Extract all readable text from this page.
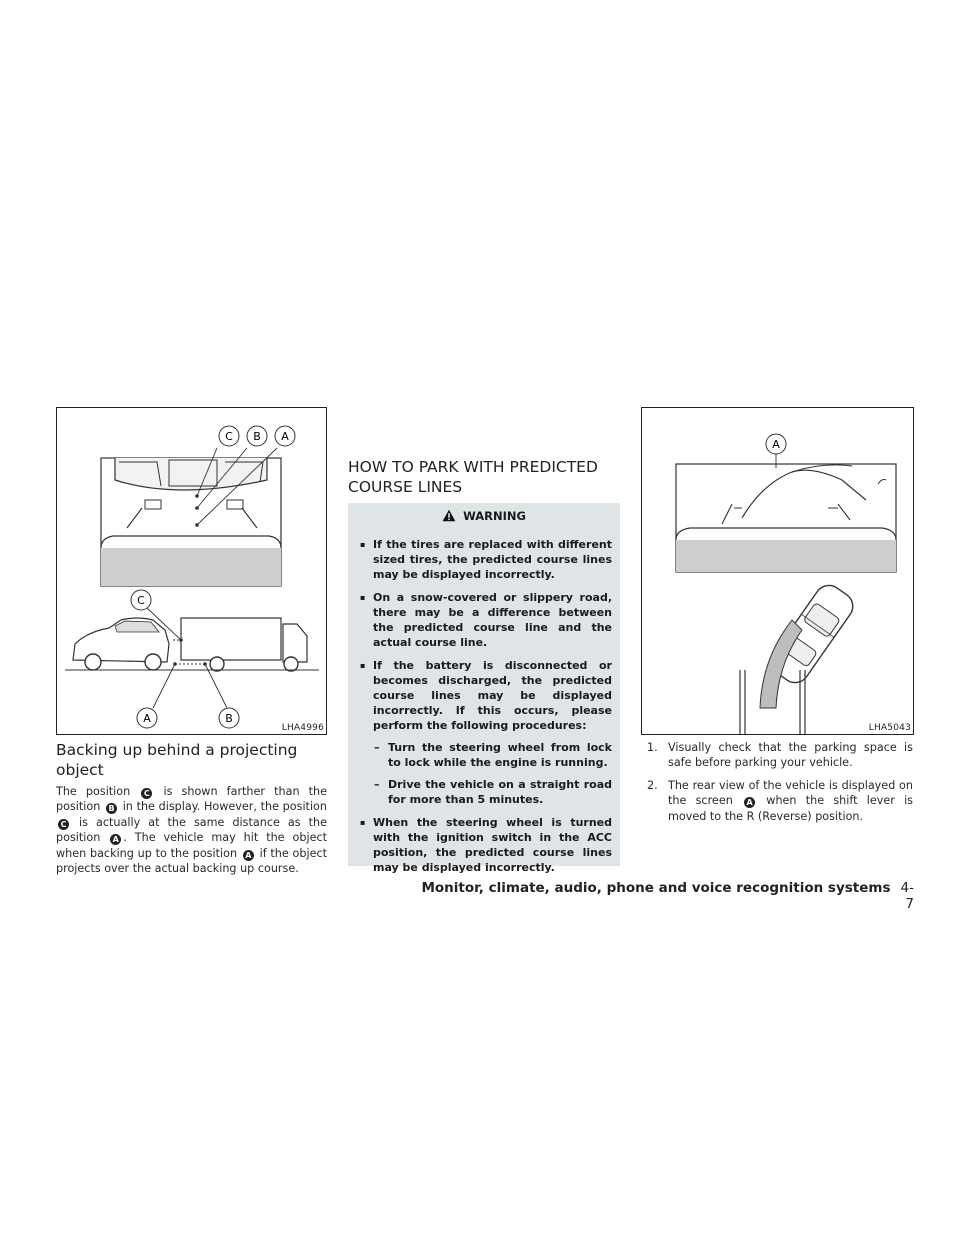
C B A
C
A	B
LHA4996
Backing up behind a projecting object
The position C is shown farther than the position B in the display. However, the position C is actually at the same distance as the position A . The vehicle may hit the object when backing up to the position A if the object projects over the actual backing up course.
HOW TO PARK WITH PREDICTED COURSE LINES
WARNING
▪ If the tires are replaced with different sized tires, the predicted course lines may be displayed incorrectly.
▪ On a snow-covered or slippery road, there may be a difference between the predicted course line and the actual course line.
▪ If the battery is disconnected or becomes discharged, the predicted course lines may be displayed incorrectly. If this occurs, please perform the following procedures:
– Turn the steering wheel from lock to lock while the engine is running.
– Drive the vehicle on a straight road for more than 5 minutes.
▪ When the steering wheel is turned with the ignition switch in the ACC position, the predicted course lines may be displayed incorrectly.
A
LHA5043
1. Visually check that the parking space is safe before parking your vehicle.
2. The rear view of the vehicle is displayed on the screen A when the shift lever is moved to the R (Reverse) position.
Monitor, climate, audio, phone and voice recognition systems 4-7
